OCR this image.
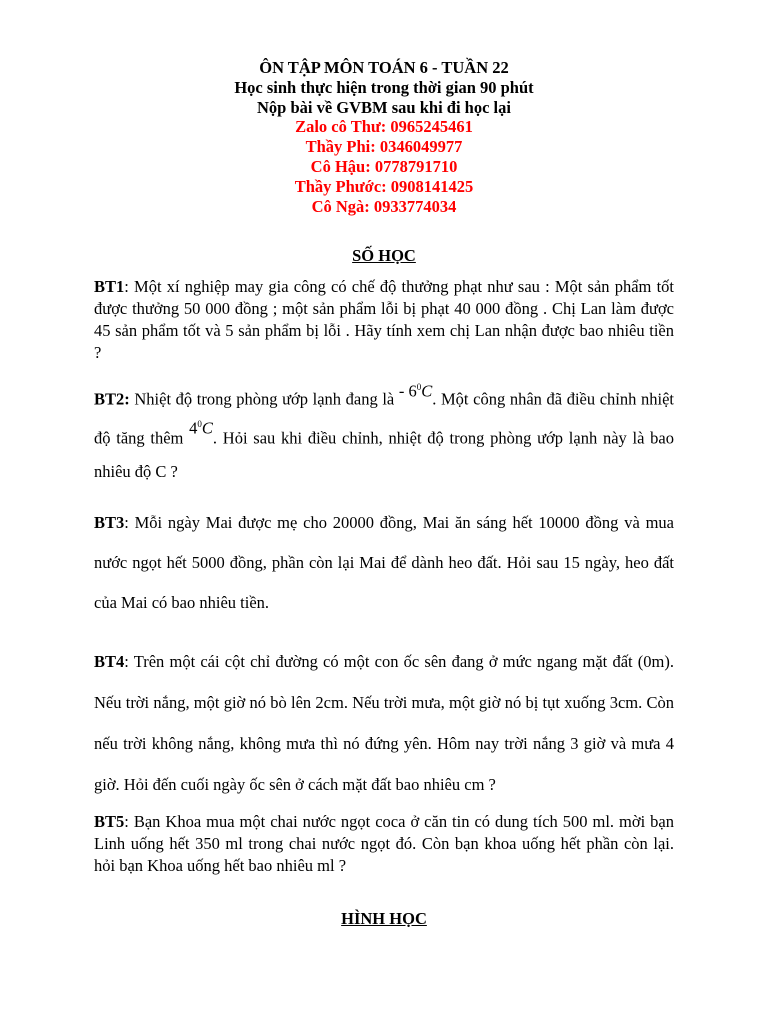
ÔN TẬP MÔN TOÁN 6 - TUẦN 22
Học sinh thực hiện trong thời gian 90 phút
Nộp bài về GVBM sau khi đi học lại
Zalo cô Thư: 0965245461
Thầy Phi: 0346049977
Cô Hậu: 0778791710
Thầy Phước: 0908141425
Cô Ngà: 0933774034
SỐ HỌC

BT1: Một xí nghiệp may gia công có chế độ thưởng phạt như sau : Một sản phẩm tốt được thưởng 50 000 đồng ; một sản phẩm lỗi bị phạt 40 000 đồng . Chị Lan làm được 45 sản phẩm tốt và 5 sản phẩm bị lỗi . Hãy tính xem chị Lan nhận được bao nhiêu tiền ?

BT2: Nhiệt độ trong phòng ướp lạnh đang là - $6^0C$. Một công nhân đã điều chỉnh nhiệt độ tăng thêm $4^0C$. Hỏi sau khi điều chỉnh, nhiệt độ trong phòng ướp lạnh này là bao nhiêu độ C ?

BT3: Mỗi ngày Mai được mẹ cho 20000 đồng, Mai ăn sáng hết 10000 đồng và mua nước ngọt hết 5000 đồng, phần còn lại Mai để dành heo đất. Hỏi sau 15 ngày, heo đất của Mai có bao nhiêu tiền.

BT4: Trên một cái cột chỉ đường có một con ốc sên đang ở mức ngang mặt đất (0m). Nếu trời nắng, một giờ nó bò lên 2cm. Nếu trời mưa, một giờ nó bị tụt xuống 3cm. Còn nếu trời không nắng, không mưa thì nó đứng yên. Hôm nay trời nắng 3 giờ và mưa 4 giờ. Hỏi đến cuối ngày ốc sên ở cách mặt đất bao nhiêu cm ?

BT5: Bạn Khoa mua một chai nước ngọt coca ở căn tin có dung tích 500 ml. mời bạn Linh uống hết 350 ml trong chai nước ngọt đó. Còn bạn khoa uống hết phần còn lại. hỏi bạn Khoa uống hết bao nhiêu ml ?

HÌNH HỌC
